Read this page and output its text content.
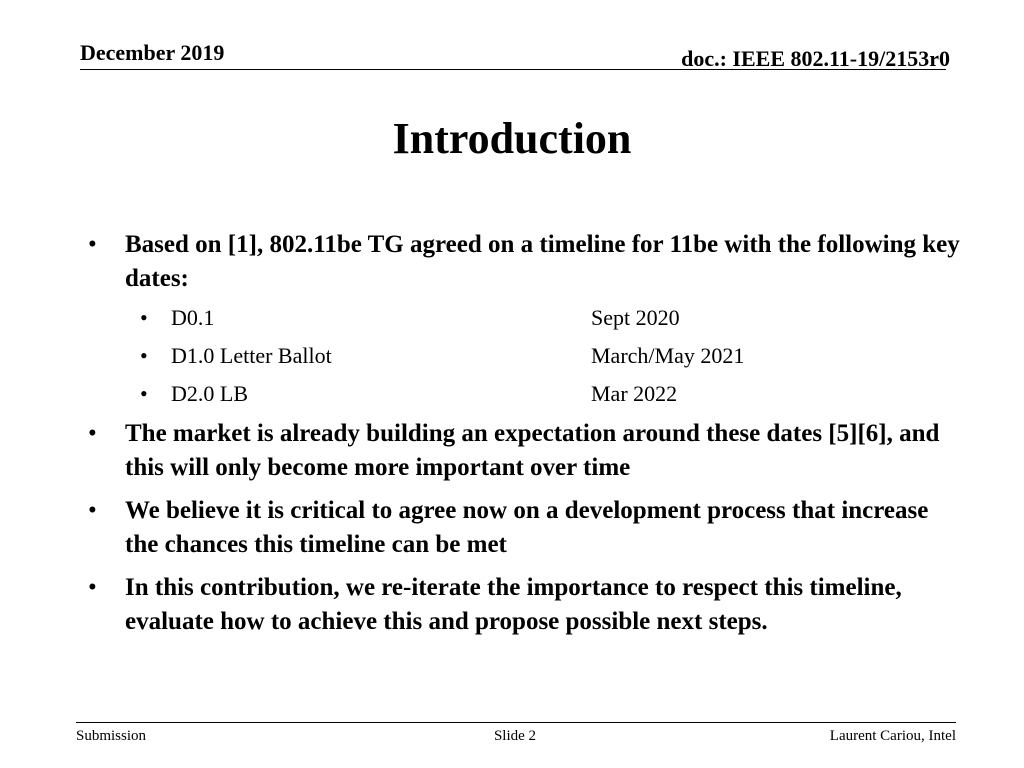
December 2019	doc.: IEEE 802.11-19/2153r0
Introduction
• Based on [1], 802.11be TG agreed on a timeline for 11be with the following key dates:
• D0.1	Sept 2020
• D1.0 Letter Ballot	March/May 2021
• D2.0 LB	Mar 2022
• The market is already building an expectation around these dates [5][6], and this will only become more important over time
• We believe it is critical to agree now on a development process that increase the chances this timeline can be met
• In this contribution, we re-iterate the importance to respect this timeline, evaluate how to achieve this and propose possible next steps.
Submission	Slide 2	Laurent Cariou, Intel
